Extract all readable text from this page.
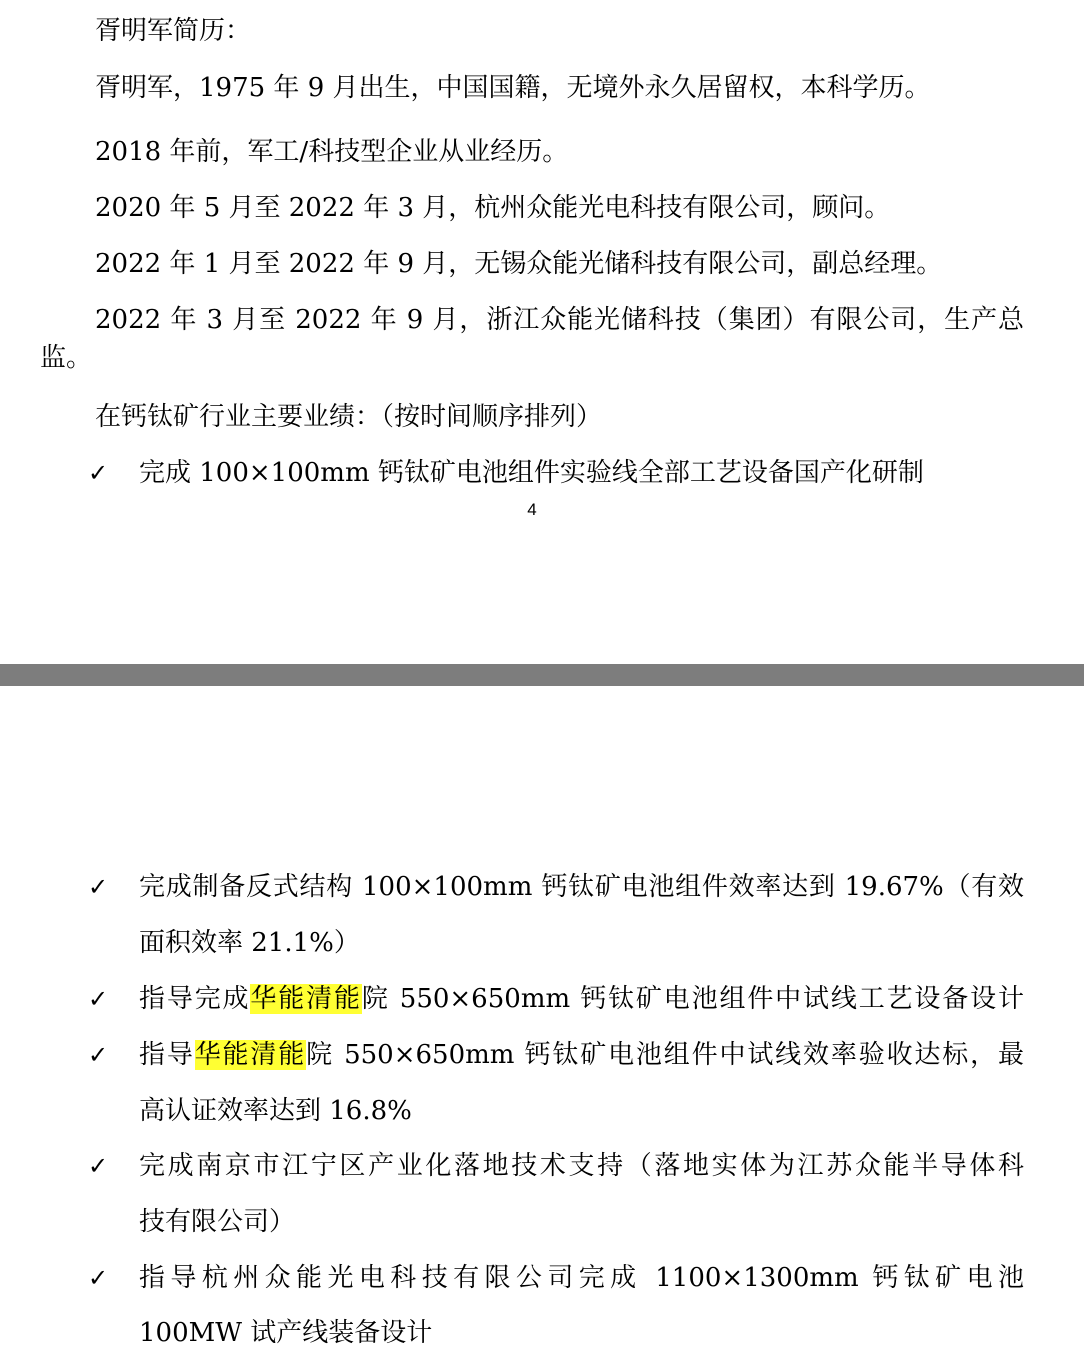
胥明军简历：
胥明军，1975 年 9 月出生，中国国籍，无境外永久居留权，本科学历。
2018 年前，军工/科技型企业从业经历。
2020 年 5 月至 2022 年 3 月，杭州众能光电科技有限公司，顾问。
2022 年 1 月至 2022 年 9 月，无锡众能光储科技有限公司，副总经理。
2022 年 3 月至 2022 年 9 月，浙江众能光储科技（集团）有限公司，生产总
监。
在钙钛矿行业主要业绩：（按时间顺序排列）
✓ 完成 100×100mm 钙钛矿电池组件实验线全部工艺设备国产化研制
4
✓ 完成制备反式结构 100×100mm 钙钛矿电池组件效率达到 19.67%（有效
面积效率 21.1%）
✓ 指导完成华能清能院 550×650mm 钙钛矿电池组件中试线工艺设备设计
✓ 指导华能清能院 550×650mm 钙钛矿电池组件中试线效率验收达标，最
高认证效率达到 16.8%
✓ 完成南京市江宁区产业化落地技术支持（落地实体为江苏众能半导体科
技有限公司）
✓ 指导杭州众能光电科技有限公司完成 1100×1300mm 钙钛矿电池
100MW 试产线装备设计
